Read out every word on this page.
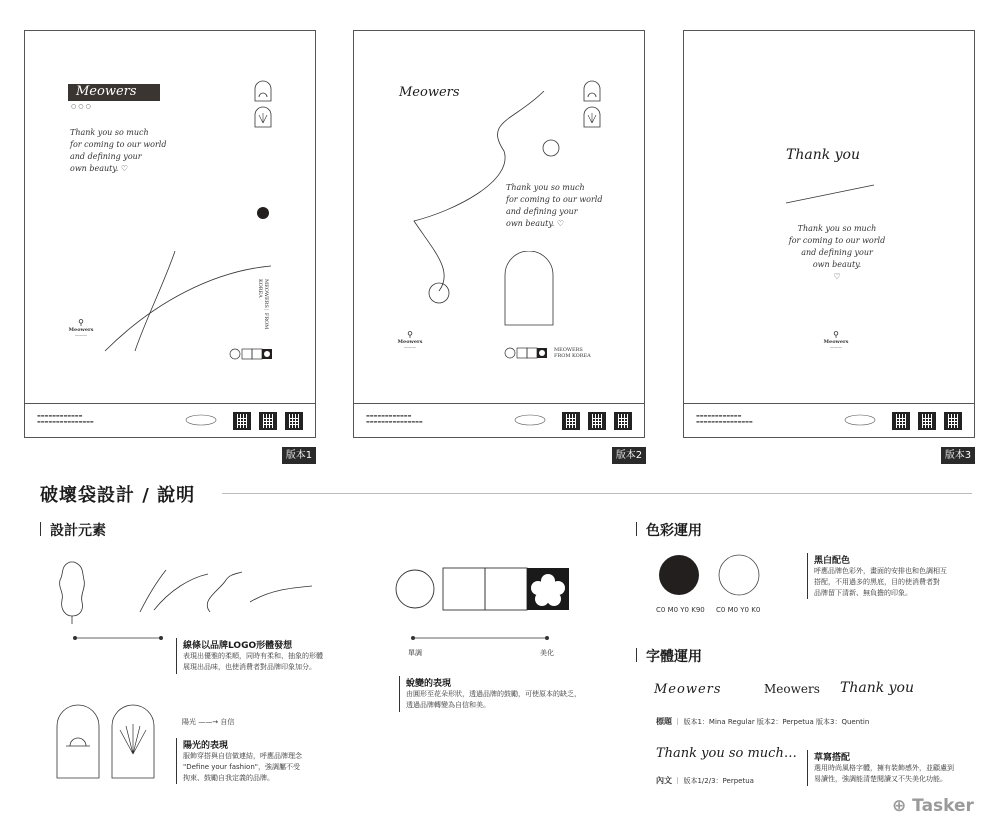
Meowers
○○○
Thank you so much
for coming to our world
and defining your
own beauty. ♡
MEOWERS｜FROM KOREA
⚲
Meowers
———
▬▬▬▬▬▬▬▬▬▬▬▬
▬▬▬▬▬▬▬▬▬▬▬▬▬▬▬
版本1
Meowers
Thank you so much
for coming to our world
and defining your
own beauty. ♡
⚲
Meowers
———	MEOWERS
FROM KOREA
▬▬▬▬▬▬▬▬▬▬▬▬
▬▬▬▬▬▬▬▬▬▬▬▬▬▬▬
版本2
Thank you
Thank you so much
for coming to our world
and defining your
own beauty.
♡
⚲
Meowers
———
▬▬▬▬▬▬▬▬▬▬▬▬
▬▬▬▬▬▬▬▬▬▬▬▬▬▬▬
版本3
破壞袋設計 / 說明
設計元素
線條以品牌LOGO形體發想
表現出優雅的柔順，同時有柔和、抽象的形體
展現出品味，也使消費者對品牌印象加分。
陽光 ——→ 自信
陽光的表現
服飾穿搭與自信做連結，呼應品牌理念
"Define your fashion"，強調屬不受
拘束、鼓勵自我定義的品牌。
單調	美化
蛻變的表現
由圓形至花朵形狀，透過品牌的鼓勵，可使原本的缺乏，
透過品牌轉變為自信和美。
色彩運用
C0 M0 Y0 K90 C0 M0 Y0 K0
黑白配色
呼應品牌色彩外，畫面的安排也和色調相互
搭配，不用過多的黑底，目的使消費者對
品牌留下清新、無負擔的印象。
字體運用
Meowers	Meowers Thank you
標題 ｜ 版本1：Mina Regular 版本2：Perpetua 版本3：Quentin
Thank you so much…
內文 ｜ 版本1/2/3：Perpetua
草寫搭配
選用時尚風格字體，擁有裝飾感外，並顧慮到
易讀性，強調能清楚閱讀又不失美化功能。
⊕ Tasker
